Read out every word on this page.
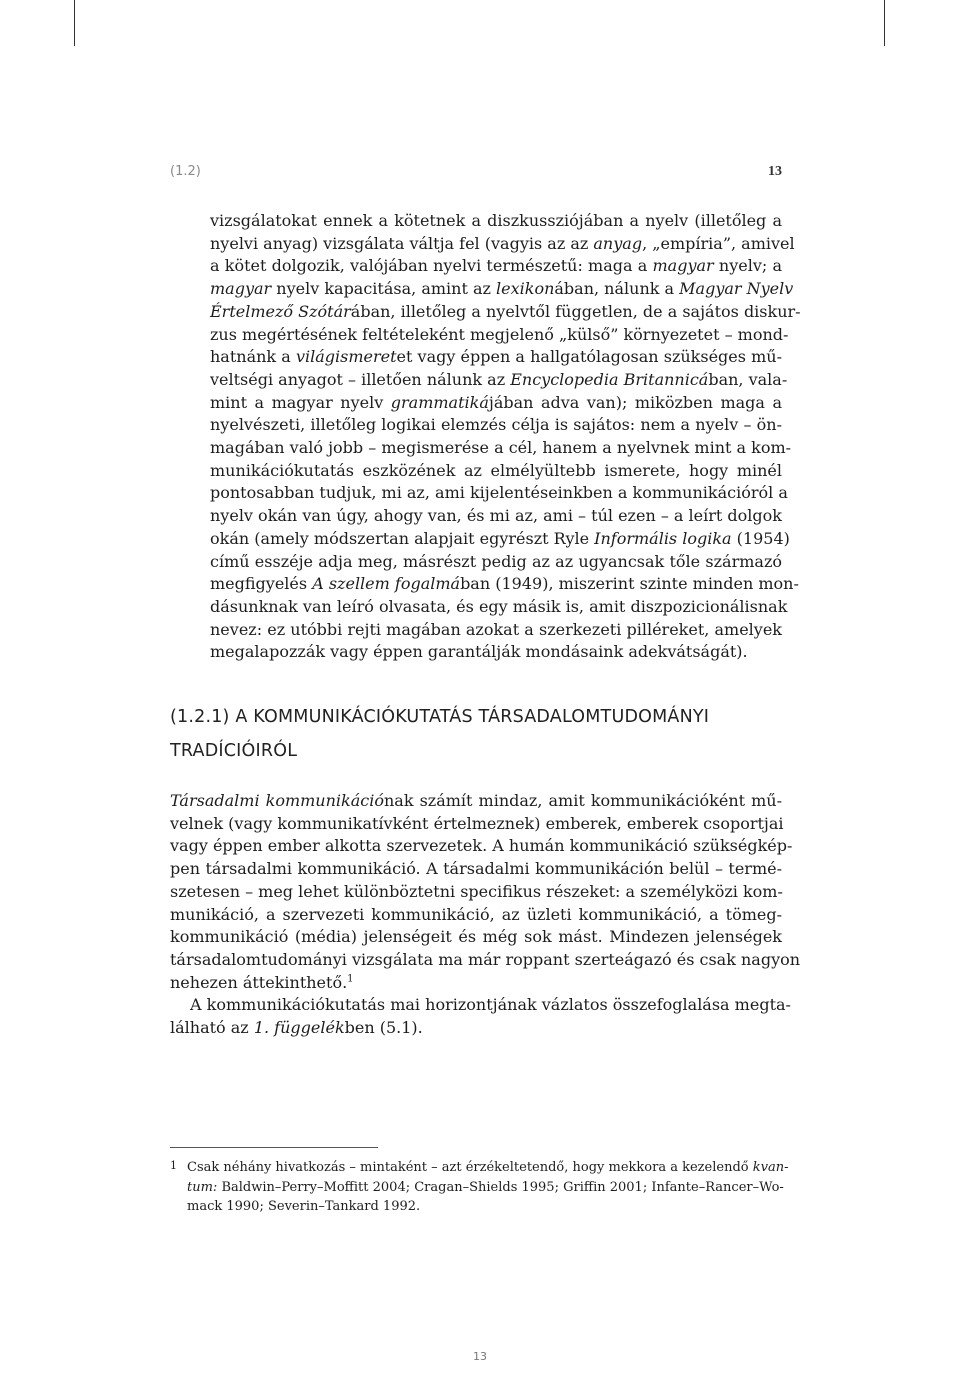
(1.2)	13
vizsgálatokat ennek a kötetnek a diszkussziójában a nyelv (illetőleg a
nyelvi anyag) vizsgálata váltja fel (vagyis az az anyag, „empíria”, amivel
a kötet dolgozik, valójában nyelvi természetű: maga a magyar nyelv; a
magyar nyelv kapacitása, amint az lexikonában, nálunk a Magyar Nyelv
Értelmező Szótárában, illetőleg a nyelvtől független, de a sajátos diskur-
zus megértésének feltételeként megjelenő „külső” környezetet – mond-
hatnánk a világismeretet vagy éppen a hallgatólagosan szükséges mű-
veltségi anyagot – illetően nálunk az Encyclopedia Britannicában, vala-
mint a magyar nyelv grammatikájában adva van); miközben maga a
nyelvészeti, illetőleg logikai elemzés célja is sajátos: nem a nyelv – ön-
magában való jobb – megismerése a cél, hanem a nyelvnek mint a kom-
munikációkutatás eszközének az elmélyültebb ismerete, hogy minél
pontosabban tudjuk, mi az, ami kijelentéseinkben a kommunikációról a
nyelv okán van úgy, ahogy van, és mi az, ami – túl ezen – a leírt dolgok
okán (amely módszertan alapjait egyrészt Ryle Informális logika (1954)
című esszéje adja meg, másrészt pedig az az ugyancsak tőle származó
megfigyelés A szellem fogalmában (1949), miszerint szinte minden mon-
dásunknak van leíró olvasata, és egy másik is, amit diszpozicionálisnak
nevez: ez utóbbi rejti magában azokat a szerkezeti pilléreket, amelyek
megalapozzák vagy éppen garantálják mondásaink adekvátságát).
(1.2.1) A KOMMUNIKÁCIÓKUTATÁS TÁRSADALOMTUDOMÁNYI
TRADÍCIÓIRÓL
Társadalmi kommunikációnak számít mindaz, amit kommunikációként mű-
velnek (vagy kommunikatívként értelmeznek) emberek, emberek csoportjai
vagy éppen ember alkotta szervezetek. A humán kommunikáció szükségkép-
pen társadalmi kommunikáció. A társadalmi kommunikáción belül – termé-
szetesen – meg lehet különböztetni specifikus részeket: a személyközi kom-
munikáció, a szervezeti kommunikáció, az üzleti kommunikáció, a tömeg-
kommunikáció (média) jelenségeit és még sok mást. Mindezen jelenségek
társadalomtudományi vizsgálata ma már roppant szerteágazó és csak nagyon
nehezen áttekinthető.$^1$
A kommunikációkutatás mai horizontjának vázlatos összefoglalása megta-
lálható az 1. függelékben (5.1).
1 Csak néhány hivatkozás – mintaként – azt érzékeltetendő, hogy mekkora a kezelendő kvan-
tum: Baldwin–Perry–Moffitt 2004; Cragan–Shields 1995; Griffin 2001; Infante–Rancer–Wo-
mack 1990; Severin–Tankard 1992.
13
